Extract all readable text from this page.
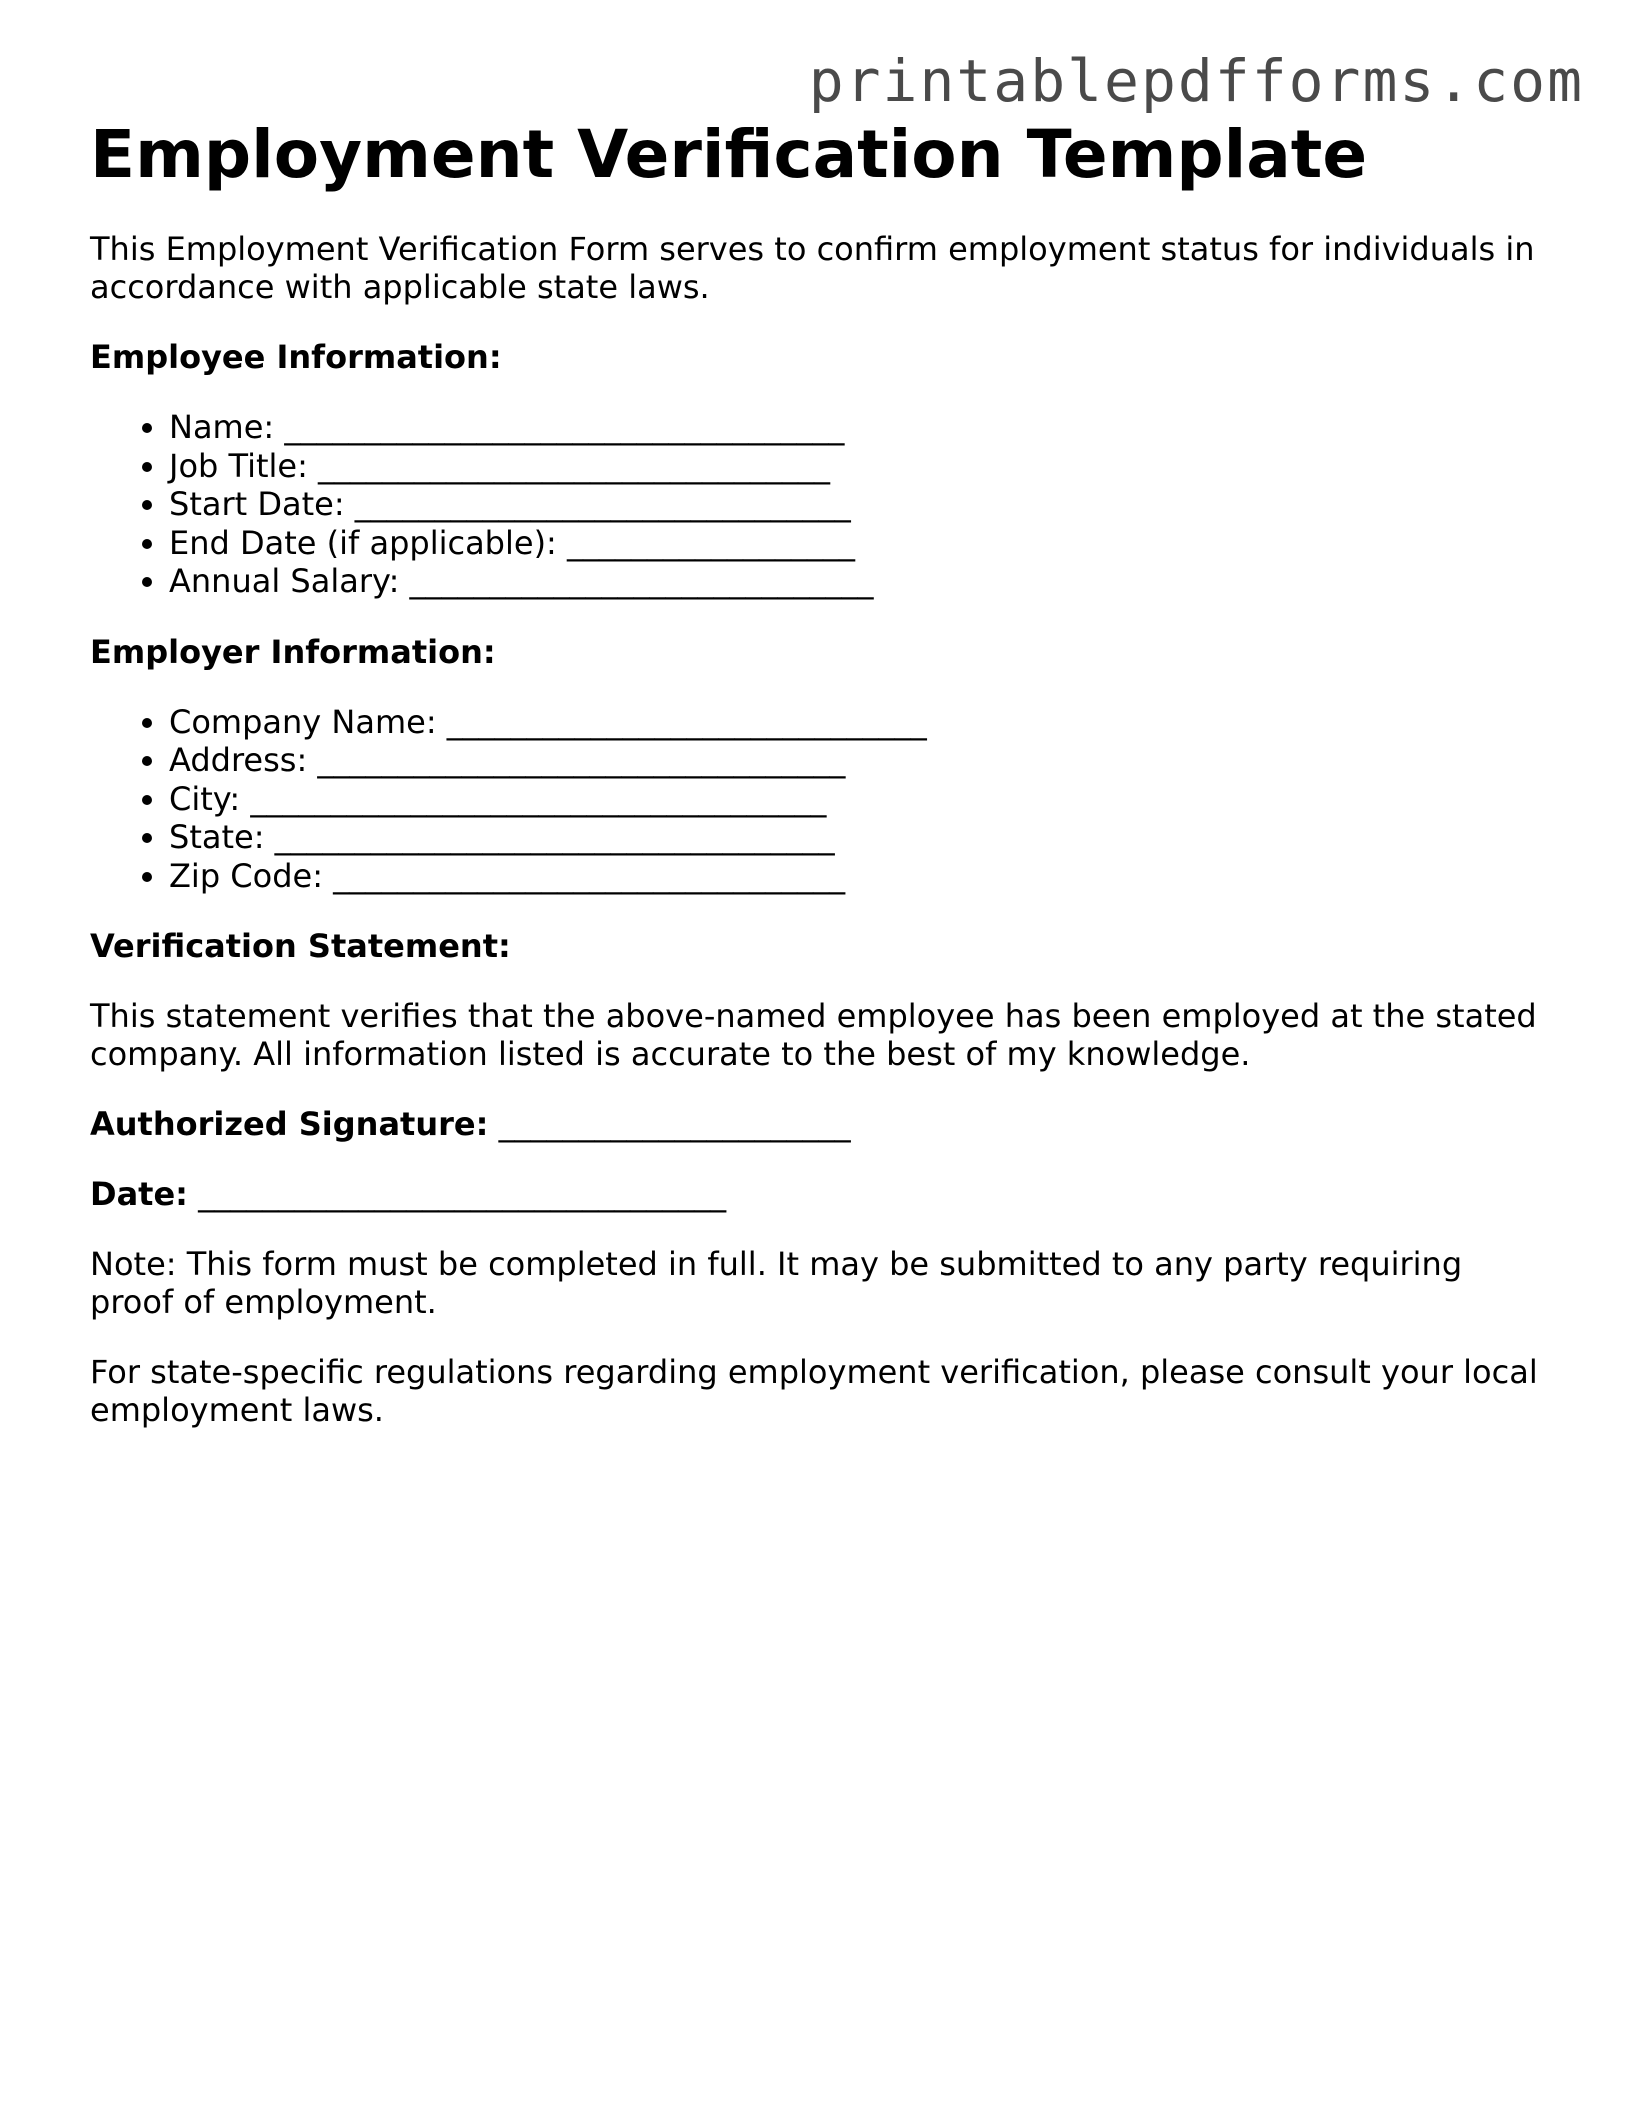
printablepdfforms.com
Employment Verification Template

This Employment Verification Form serves to confirm employment status for individuals in accordance with applicable state laws.

Employee Information:
• Name: ___________________________________
• Job Title: ________________________________
• Start Date: _______________________________
• End Date (if applicable): __________________
• Annual Salary: _____________________________
Employer Information:
• Company Name: ______________________________
• Address: _________________________________
• City: ____________________________________
• State: ___________________________________
• Zip Code: ________________________________
Verification Statement:

This statement verifies that the above-named employee has been employed at the stated company. All information listed is accurate to the best of my knowledge.

Authorized Signature: ______________________

Date: _________________________________

Note: This form must be completed in full. It may be submitted to any party requiring proof of employment.

For state-specific regulations regarding employment verification, please consult your local employment laws.
